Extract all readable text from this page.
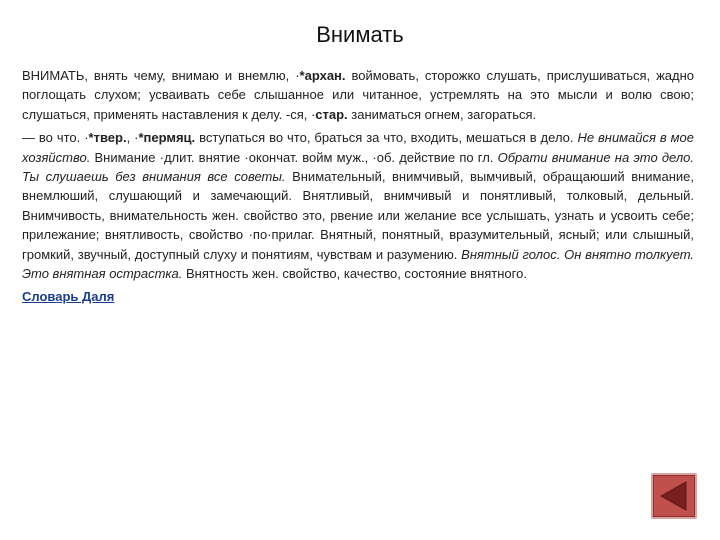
Внимать

ВНИМАТЬ, внять чему, внимаю и внемлю, ·*архан. воймовать, сторожко слушать, прислушиваться, жадно поглощать слухом; усваивать себе слышанное или читанное, устремлять на это мысли и волю свою; слушаться, применять наставления к делу. -ся, ·стар. заниматься огнем, загораться.

— во что. ·*твер., ·*пермяц. вступаться во что, браться за что, входить, мешаться в дело. Не внимайся в мое хозяйство. Внимание ·длит. внятие ·окончат. войм муж., ·об. действие по гл. Обрати внимание на это дело. Ты слушаешь без внимания все советы. Внимательный, внимчивый, вымчивый, обращаюший внимание, внемлюший, слушающий и замечающий. Внятливый, внимчивый и понятливый, толковый, дельный. Внимчивость, внимательность жен. свойство это, рвение или желание все услышать, узнать и усвоить себе; прилежание; внятливость, свойство ·по·прилаг. Внятный, понятный, вразумительный, ясный; или слышный, громкий, звучный, доступный слуху и понятиям, чувствам и разумению. Внятный голос. Он внятно толкует. Это внятная острастка. Внятность жен. свойство, качество, состояние внятного.

Словарь Даля
